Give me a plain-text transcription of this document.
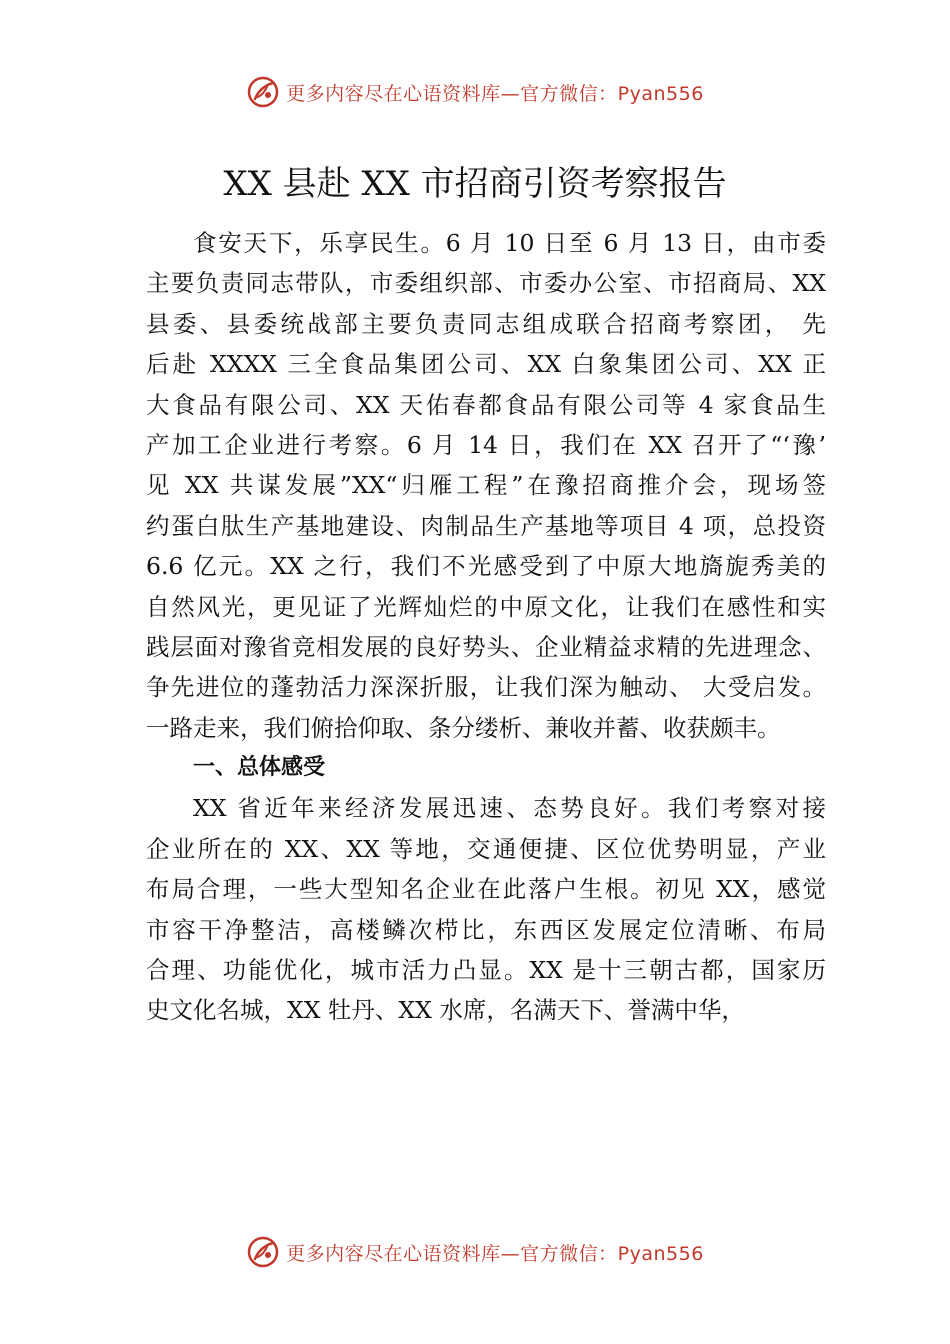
更多内容尽在心语资料库—官方微信：Pyan556
XX 县赴 XX 市招商引资考察报告
食安天下，乐享民生。6 月 10 日至 6 月 13 日，由市委
主要负责同志带队，市委组织部、市委办公室、市招商局、XX
县委、县委统战部主要负责同志组成联合招商考察团， 先
后赴 XXXX 三全食品集团公司、XX 白象集团公司、XX 正
大食品有限公司、XX 天佑春都食品有限公司等 4 家食品生
产加工企业进行考察。6 月 14 日，我们在 XX 召开了“‘豫’
见 XX 共谋发展”XX“归雁工程”在豫招商推介会，现场签
约蛋白肽生产基地建设、肉制品生产基地等项目 4 项，总投资
6.6 亿元。XX 之行，我们不光感受到了中原大地旖旎秀美的
自然风光，更见证了光辉灿烂的中原文化，让我们在感性和实
践层面对豫省竞相发展的良好势头、企业精益求精的先进理念、
争先进位的蓬勃活力深深折服，让我们深为触动、 大受启发。
一路走来，我们俯拾仰取、条分缕析、兼收并蓄、收获颇丰。
一、总体感受
XX 省近年来经济发展迅速、态势良好。我们考察对接
企业所在的 XX、XX 等地，交通便捷、区位优势明显，产业
布局合理，一些大型知名企业在此落户生根。初见 XX，感觉
市容干净整洁，高楼鳞次栉比，东西区发展定位清晰、布局
合理、功能优化，城市活力凸显。XX 是十三朝古都，国家历
史文化名城，XX 牡丹、XX 水席，名满天下、誉满中华，
更多内容尽在心语资料库—官方微信：Pyan556
